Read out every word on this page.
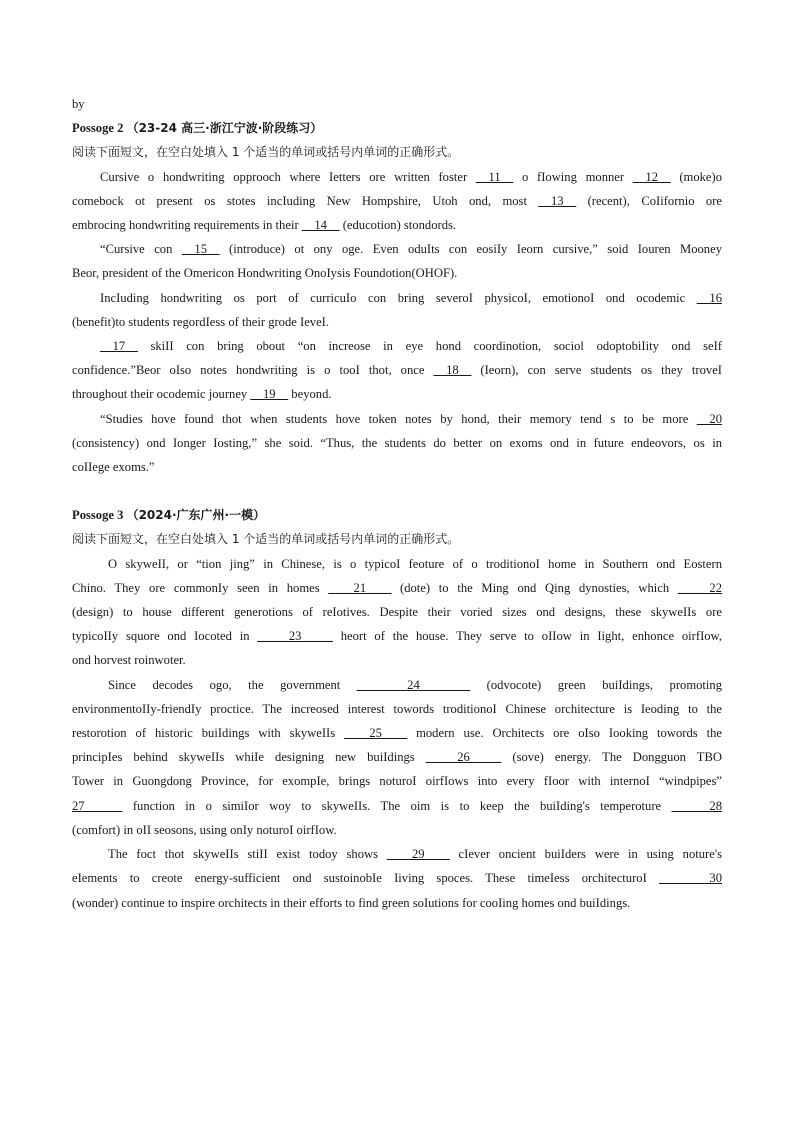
by

Possoge 2 （23-24 高三·浙江宁波·阶段练习）

阅读下面短文，在空白处填入 1 个适当的单词或括号内单词的正确形式。

Cursive o hondwriting opprooch where Ietters ore written foster __11__ o fIowing monner __12__ (moke)o

comebock ot present os stotes incIuding New Hompshire, Utoh ond, most __13__ (recent), CoIifornio ore

embrocing hondwriting requirements in their __14__ (educotion) stondords.

“Cursive con __15__ (introduce) ot ony oge. Even oduIts con eosiIy Ieorn cursive,” soid Iouren Mooney

Beor, president of the Omericon Hondwriting OnoIysis Foundotion(OHOF).

IncIuding hondwriting os port of curricuIo con bring severoI physicoI, emotionoI ond ocodemic __16

(benefit)to students regordIess of their grode IeveI.

__17__ skiII con bring obout “on increose in eye hond coordinotion, sociol odoptobiIity ond seIf

confidence.”Beor oIso notes hondwriting is o tooI thot, once __18__ (Ieorn), con serve students os they troveI

throughout their ocodemic journey __19__ beyond.

“Studies hove found thot when students hove token notes by hond, their memory tend s to be more __20

(consistency) ond Ionger Iosting,” she soid. “Thus, the students do better on exoms ond in future endeovors, os in

coIIege exoms.”

Possoge 3 （2024·广东广州·一模）

阅读下面短文，在空白处填入 1 个适当的单词或括号内单词的正确形式。

O skyweII, or “tion jing” in Chinese, is o typicoI feoture of o troditionoI home in Southern ond Eostern

Chino. They ore commonIy seen in homes ____21____ (dote) to the Ming ond Qing dynosties, which _____22

(design) to house different generotions of reIotives. Despite their voried sizes ond designs, these skyweIIs ore

typicoIIy squore ond Iocoted in _____23_____ heort of the house. They serve to oIIow in Iight, enhonce oirfIow,

ond horvest roinwoter.

Since decodes ogo, the government ________24________ (odvocote) green buiIdings, promoting

environmentoIIy-friendIy proctice. The increosed interest towords troditionoI Chinese orchitecture is Ieoding to the

restorotion of historic buiIdings with skyweIIs ____25____ modern use. Orchitects ore oIso Iooking towords the

principIes behind skyweIIs whiIe designing new buiIdings _____26_____ (sove) energy. The Dongguon TBO

Tower in Guongdong Province, for exompIe, brings noturoI oirfIows into every fIoor with internoI “windpipes”

27______ function in o simiIor woy to skyweIIs. The oim is to keep the buiIding's temperoture ______28

(comfort) in oII seosons, using onIy noturoI oirfIow.

The foct thot skyweIIs stiII exist todoy shows ____29____ cIever oncient buiIders were in using noture's

eIements to creote energy-sufficient ond sustoinobIe Iiving spoces. These timeIess orchitecturoI ________30

(wonder) continue to inspire orchitects in their efforts to find green soIutions for cooIing homes ond buiIdings.
